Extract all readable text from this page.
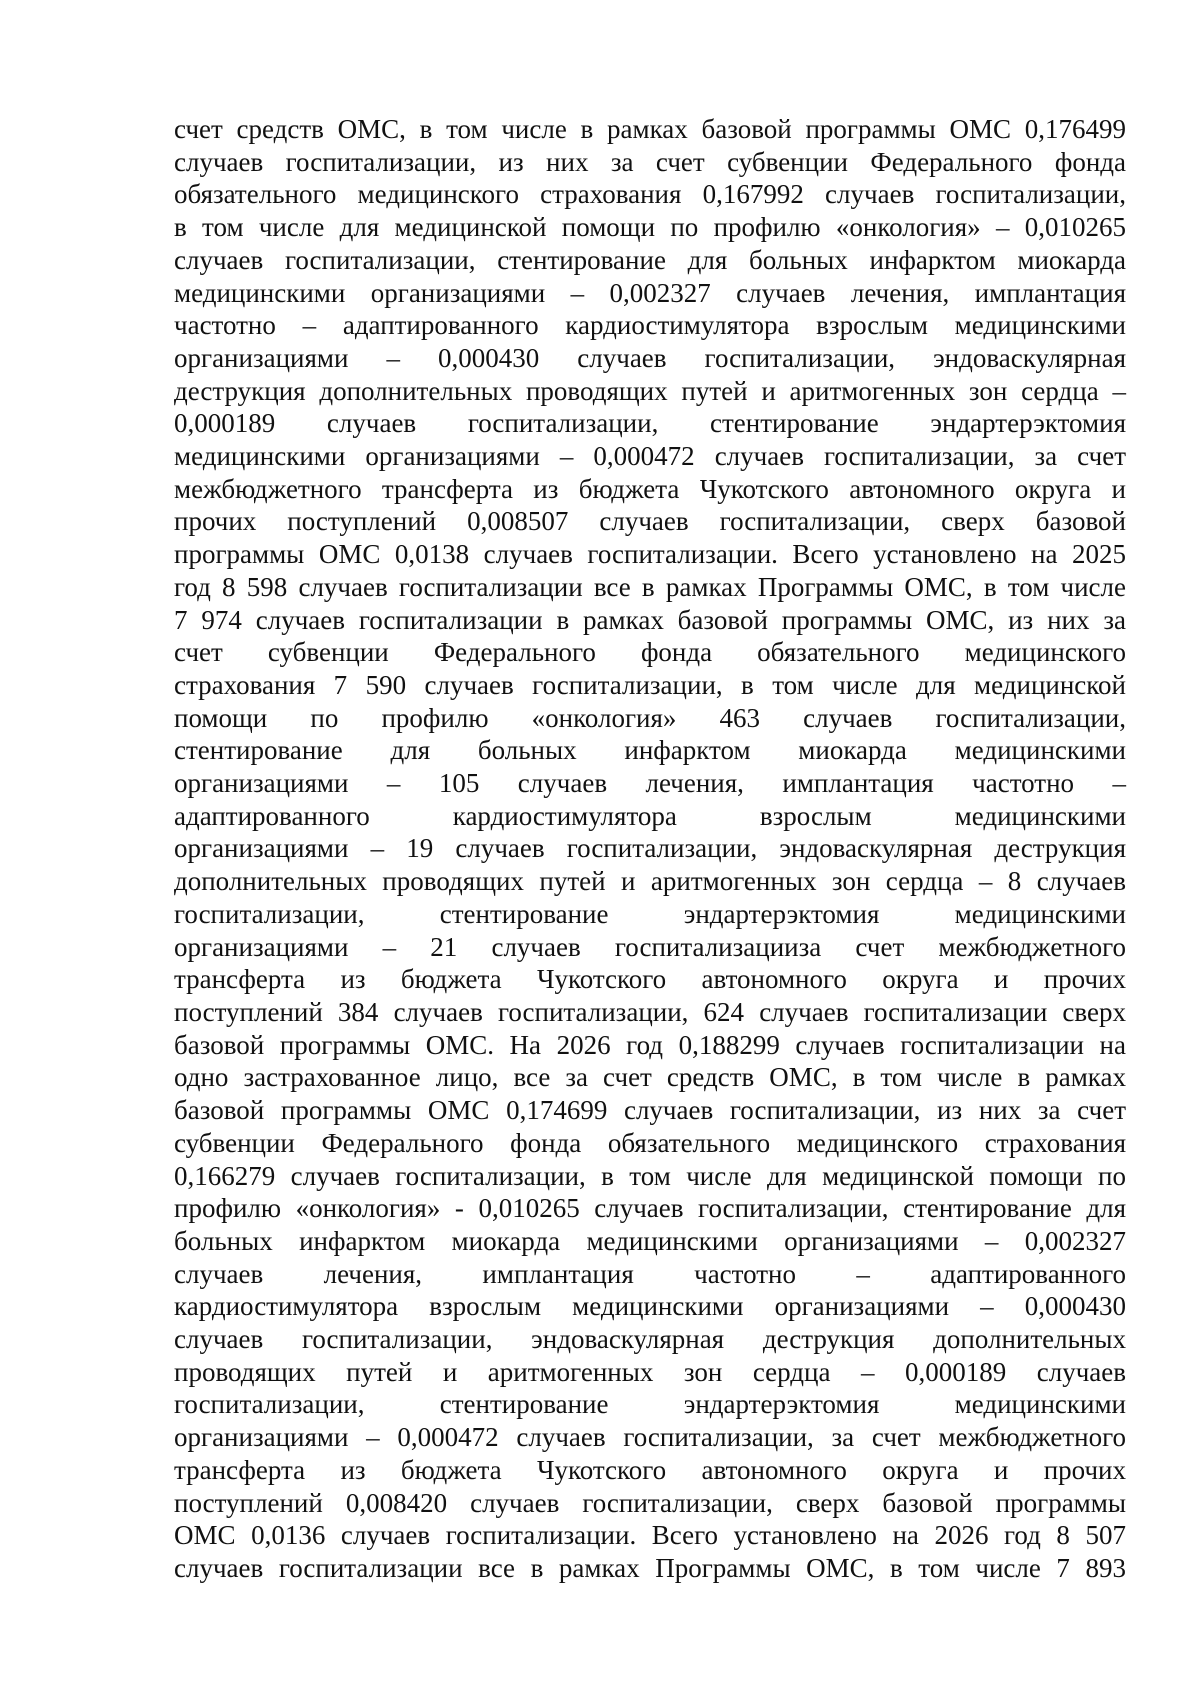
счет средств ОМС, в том числе в рамках базовой программы ОМС 0,176499
случаев госпитализации, из них за счет субвенции Федерального фонда
обязательного медицинского страхования 0,167992 случаев госпитализации,
в том числе для медицинской помощи по профилю «онкология» – 0,010265
случаев госпитализации, стентирование для больных инфарктом миокарда
медицинскими организациями – 0,002327 случаев лечения, имплантация
частотно – адаптированного кардиостимулятора взрослым медицинскими
организациями – 0,000430 случаев госпитализации, эндоваскулярная
деструкция дополнительных проводящих путей и аритмогенных зон сердца –
0,000189 случаев госпитализации, стентирование эндартерэктомия
медицинскими организациями – 0,000472 случаев госпитализации, за счет
межбюджетного трансферта из бюджета Чукотского автономного округа и
прочих поступлений 0,008507 случаев госпитализации, сверх базовой
программы ОМС 0,0138 случаев госпитализации. Всего установлено на 2025
год 8 598 случаев госпитализации все в рамках Программы ОМС, в том числе
7 974 случаев госпитализации в рамках базовой программы ОМС, из них за
счет субвенции Федерального фонда обязательного медицинского
страхования 7 590 случаев госпитализации, в том числе для медицинской
помощи по профилю «онкология» 463 случаев госпитализации,
стентирование для больных инфарктом миокарда медицинскими
организациями – 105 случаев лечения, имплантация частотно –
адаптированного кардиостимулятора взрослым медицинскими
организациями – 19 случаев госпитализации, эндоваскулярная деструкция
дополнительных проводящих путей и аритмогенных зон сердца – 8 случаев
госпитализации, стентирование эндартерэктомия медицинскими
организациями – 21 случаев госпитализацииза счет межбюджетного
трансферта из бюджета Чукотского автономного округа и прочих
поступлений 384 случаев госпитализации, 624 случаев госпитализации сверх
базовой программы ОМС. На 2026 год 0,188299 случаев госпитализации на
одно застрахованное лицо, все за счет средств ОМС, в том числе в рамках
базовой программы ОМС 0,174699 случаев госпитализации, из них за счет
субвенции Федерального фонда обязательного медицинского страхования
0,166279 случаев госпитализации, в том числе для медицинской помощи по
профилю «онкология» - 0,010265 случаев госпитализации, стентирование для
больных инфарктом миокарда медицинскими организациями – 0,002327
случаев лечения, имплантация частотно – адаптированного
кардиостимулятора взрослым медицинскими организациями – 0,000430
случаев госпитализации, эндоваскулярная деструкция дополнительных
проводящих путей и аритмогенных зон сердца – 0,000189 случаев
госпитализации, стентирование эндартерэктомия медицинскими
организациями – 0,000472 случаев госпитализации, за счет межбюджетного
трансферта из бюджета Чукотского автономного округа и прочих
поступлений 0,008420 случаев госпитализации, сверх базовой программы
ОМС 0,0136 случаев госпитализации. Всего установлено на 2026 год 8 507
случаев госпитализации все в рамках Программы ОМС, в том числе 7 893
